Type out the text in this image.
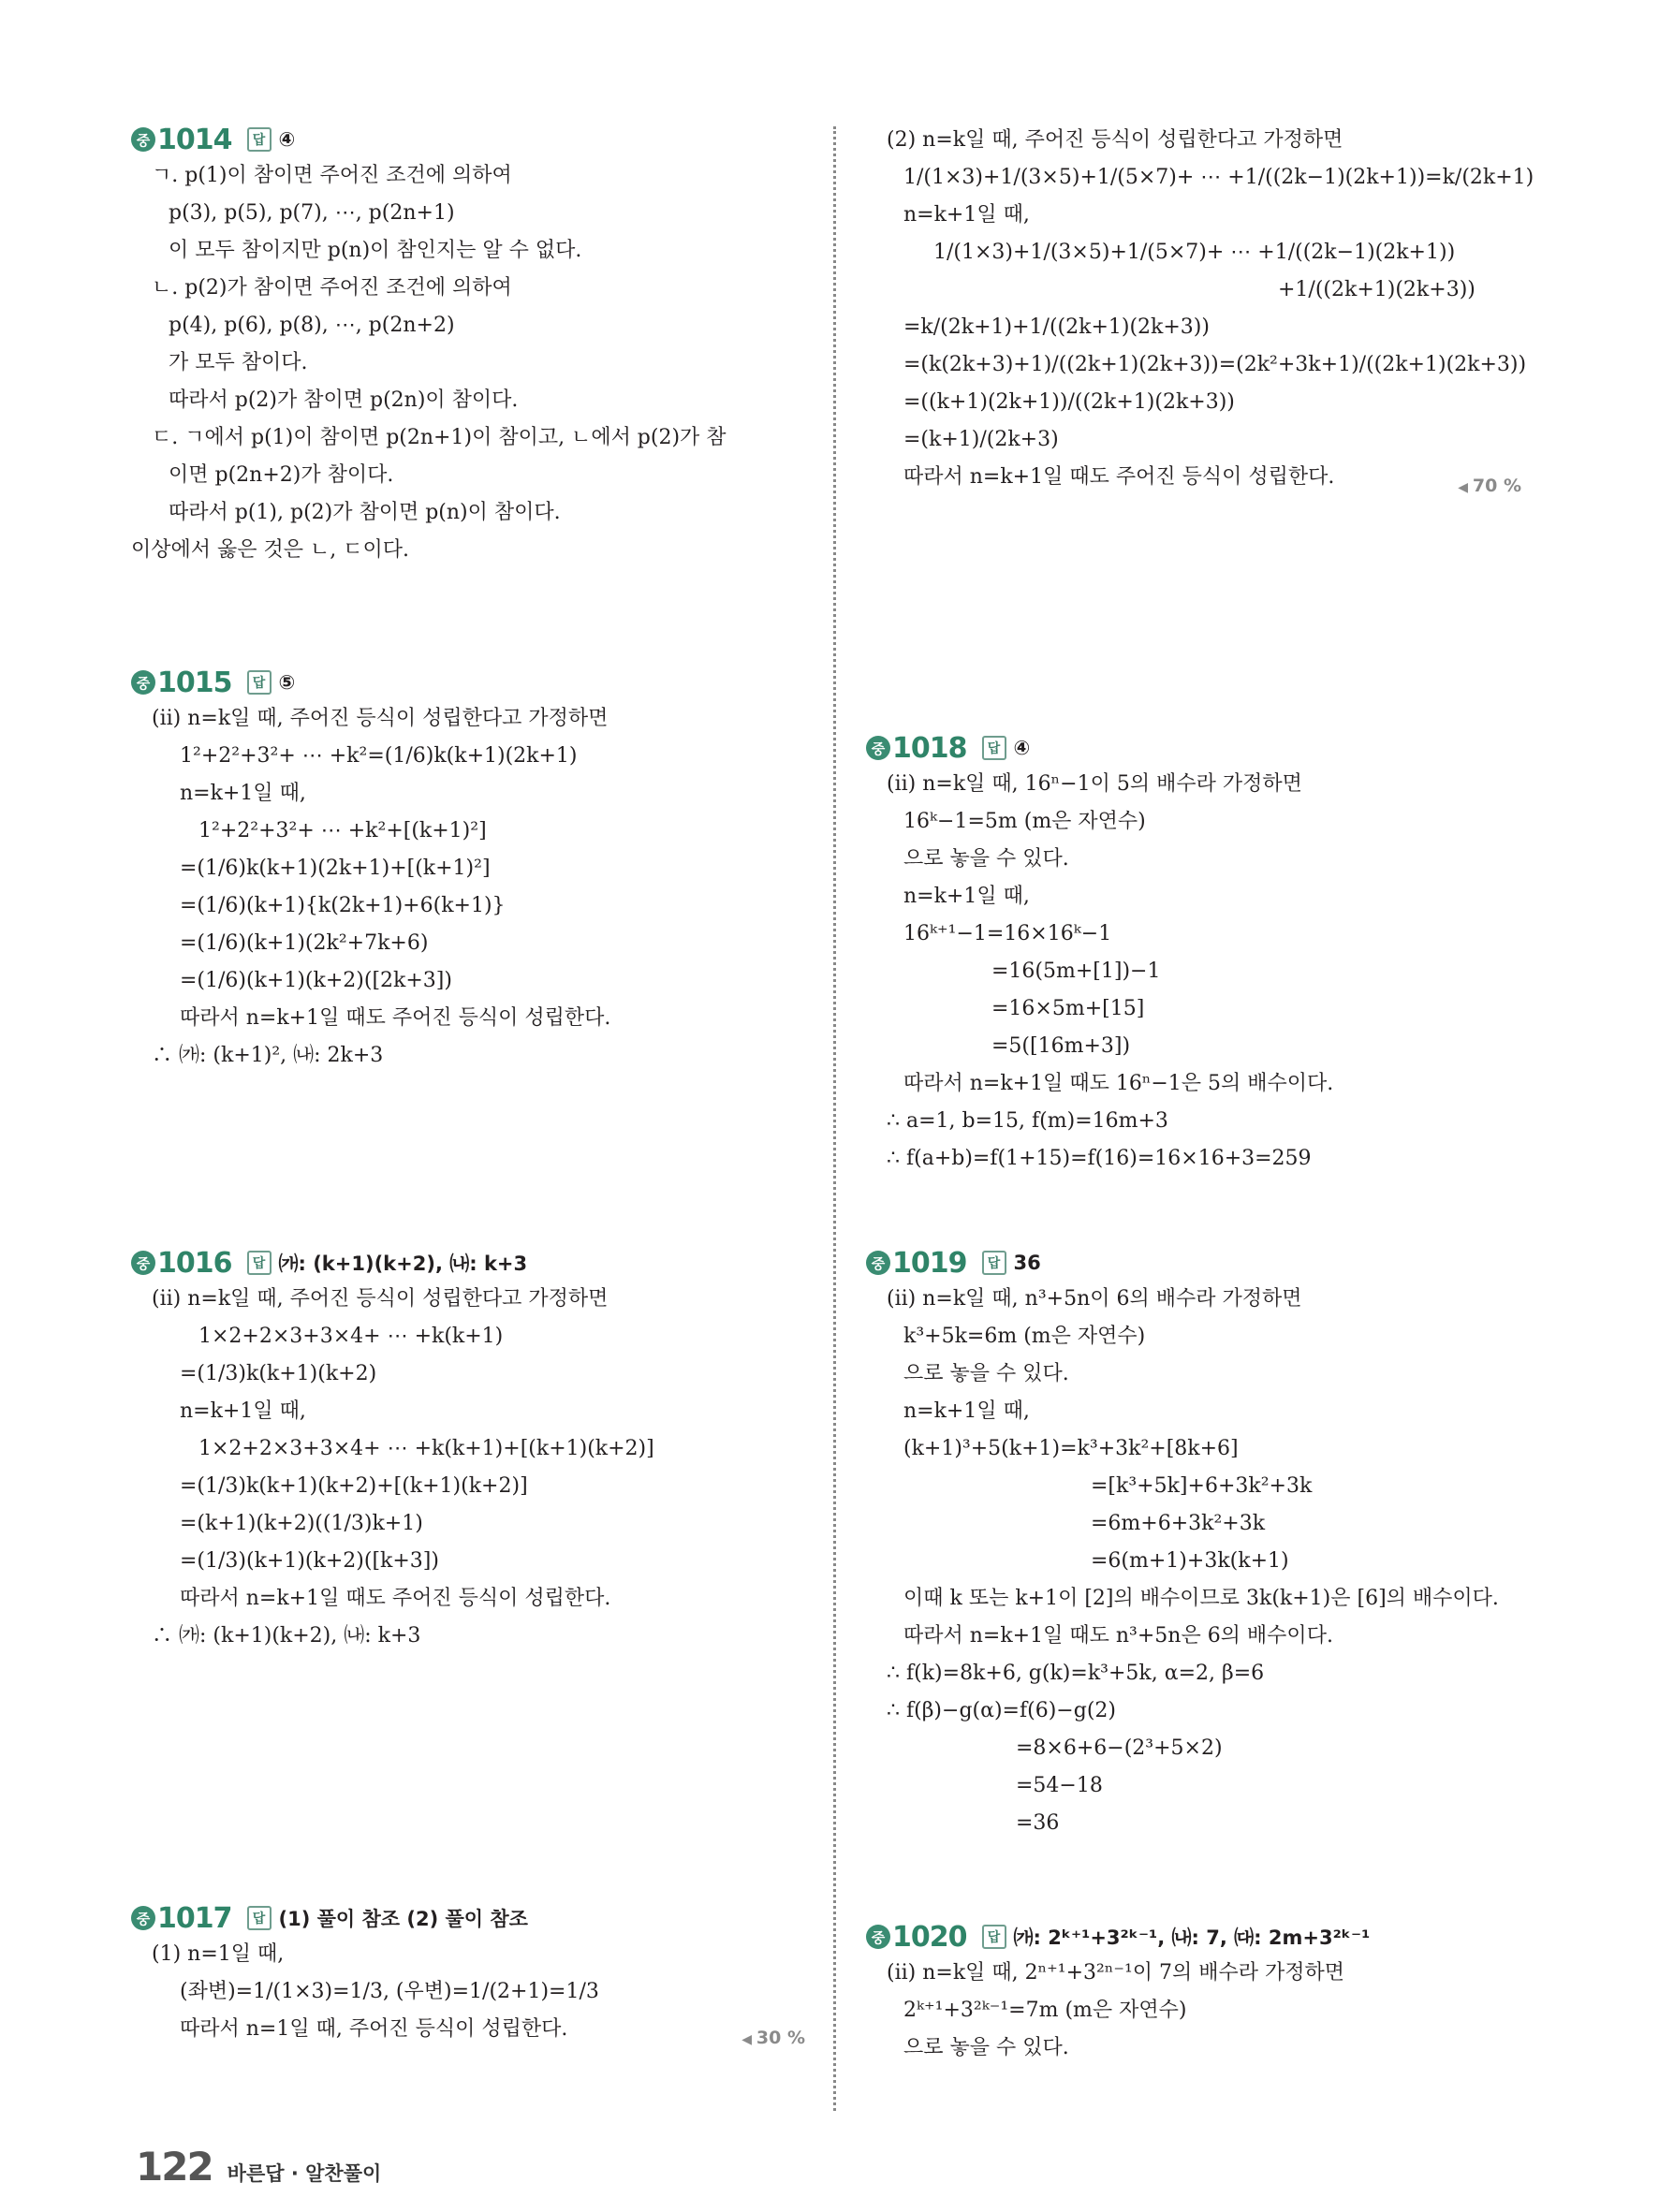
중 1014	답 ④
ㄱ. p(1)이 참이면 주어진 조건에 의하여
p(3), p(5), p(7), ⋯, p(2n+1)
이 모두 참이지만 p(n)이 참인지는 알 수 없다.
ㄴ. p(2)가 참이면 주어진 조건에 의하여
p(4), p(6), p(8), ⋯, p(2n+2)
가 모두 참이다.
따라서 p(2)가 참이면 p(2n)이 참이다.
ㄷ. ㄱ에서 p(1)이 참이면 p(2n+1)이 참이고, ㄴ에서 p(2)가 참
이면 p(2n+2)가 참이다.
따라서 p(1), p(2)가 참이면 p(n)이 참이다.
이상에서 옳은 것은 ㄴ, ㄷ이다.
중 1015	답 ⑤
(ⅱ) n=k일 때, 주어진 등식이 성립한다고 가정하면
1²+2²+3²+ ⋯ +k²=(1/6)k(k+1)(2k+1)
n=k+1일 때,
1²+2²+3²+ ⋯ +k²+[(k+1)²]
=(1/6)k(k+1)(2k+1)+[(k+1)²]
=(1/6)(k+1){k(2k+1)+6(k+1)}
=(1/6)(k+1)(2k²+7k+6)
=(1/6)(k+1)(k+2)([2k+3])
따라서 n=k+1일 때도 주어진 등식이 성립한다.
∴ ㈎: (k+1)², ㈏: 2k+3
중 1016	답 ㈎: (k+1)(k+2), ㈏: k+3
(ⅱ) n=k일 때, 주어진 등식이 성립한다고 가정하면
1×2+2×3+3×4+ ⋯ +k(k+1)
=(1/3)k(k+1)(k+2)
n=k+1일 때,
1×2+2×3+3×4+ ⋯ +k(k+1)+[(k+1)(k+2)]
=(1/3)k(k+1)(k+2)+[(k+1)(k+2)]
=(k+1)(k+2)((1/3)k+1)
=(1/3)(k+1)(k+2)([k+3])
따라서 n=k+1일 때도 주어진 등식이 성립한다.
∴ ㈎: (k+1)(k+2), ㈏: k+3
중 1017	답 (1) 풀이 참조 (2) 풀이 참조
(1) n=1일 때,
(좌변)=1/(1×3)=1/3, (우변)=1/(2+1)=1/3
따라서 n=1일 때, 주어진 등식이 성립한다.	◀ 30 %
(2) n=k일 때, 주어진 등식이 성립한다고 가정하면
1/(1×3)+1/(3×5)+1/(5×7)+ ⋯ +1/((2k−1)(2k+1))=k/(2k+1)
n=k+1일 때,
1/(1×3)+1/(3×5)+1/(5×7)+ ⋯ +1/((2k−1)(2k+1))
+1/((2k+1)(2k+3))
=k/(2k+1)+1/((2k+1)(2k+3))
=(k(2k+3)+1)/((2k+1)(2k+3))=(2k²+3k+1)/((2k+1)(2k+3))
=((k+1)(2k+1))/((2k+1)(2k+3))
=(k+1)/(2k+3)
따라서 n=k+1일 때도 주어진 등식이 성립한다.	◀ 70 %
중 1018	답 ④
(ⅱ) n=k일 때, 16ⁿ−1이 5의 배수라 가정하면
16ᵏ−1=5m (m은 자연수)
으로 놓을 수 있다.
n=k+1일 때,
16ᵏ⁺¹−1=16×16ᵏ−1
=16(5m+[1])−1
=16×5m+[15]
=5([16m+3])
따라서 n=k+1일 때도 16ⁿ−1은 5의 배수이다.
∴ a=1, b=15, f(m)=16m+3
∴ f(a+b)=f(1+15)=f(16)=16×16+3=259
중 1019	답 36
(ⅱ) n=k일 때, n³+5n이 6의 배수라 가정하면
k³+5k=6m (m은 자연수)
으로 놓을 수 있다.
n=k+1일 때,
(k+1)³+5(k+1)=k³+3k²+[8k+6]
=[k³+5k]+6+3k²+3k
=6m+6+3k²+3k
=6(m+1)+3k(k+1)
이때 k 또는 k+1이 [2]의 배수이므로 3k(k+1)은 [6]의 배수이다.
따라서 n=k+1일 때도 n³+5n은 6의 배수이다.
∴ f(k)=8k+6, g(k)=k³+5k, α=2, β=6
∴ f(β)−g(α)=f(6)−g(2)
=8×6+6−(2³+5×2)
=54−18
=36
중 1020	답 ㈎: 2ᵏ⁺¹+3²ᵏ⁻¹, ㈏: 7, ㈐: 2m+3²ᵏ⁻¹
(ⅱ) n=k일 때, 2ⁿ⁺¹+3²ⁿ⁻¹이 7의 배수라 가정하면
2ᵏ⁺¹+3²ᵏ⁻¹=7m (m은 자연수)
으로 놓을 수 있다.
122 바른답 · 알찬풀이
